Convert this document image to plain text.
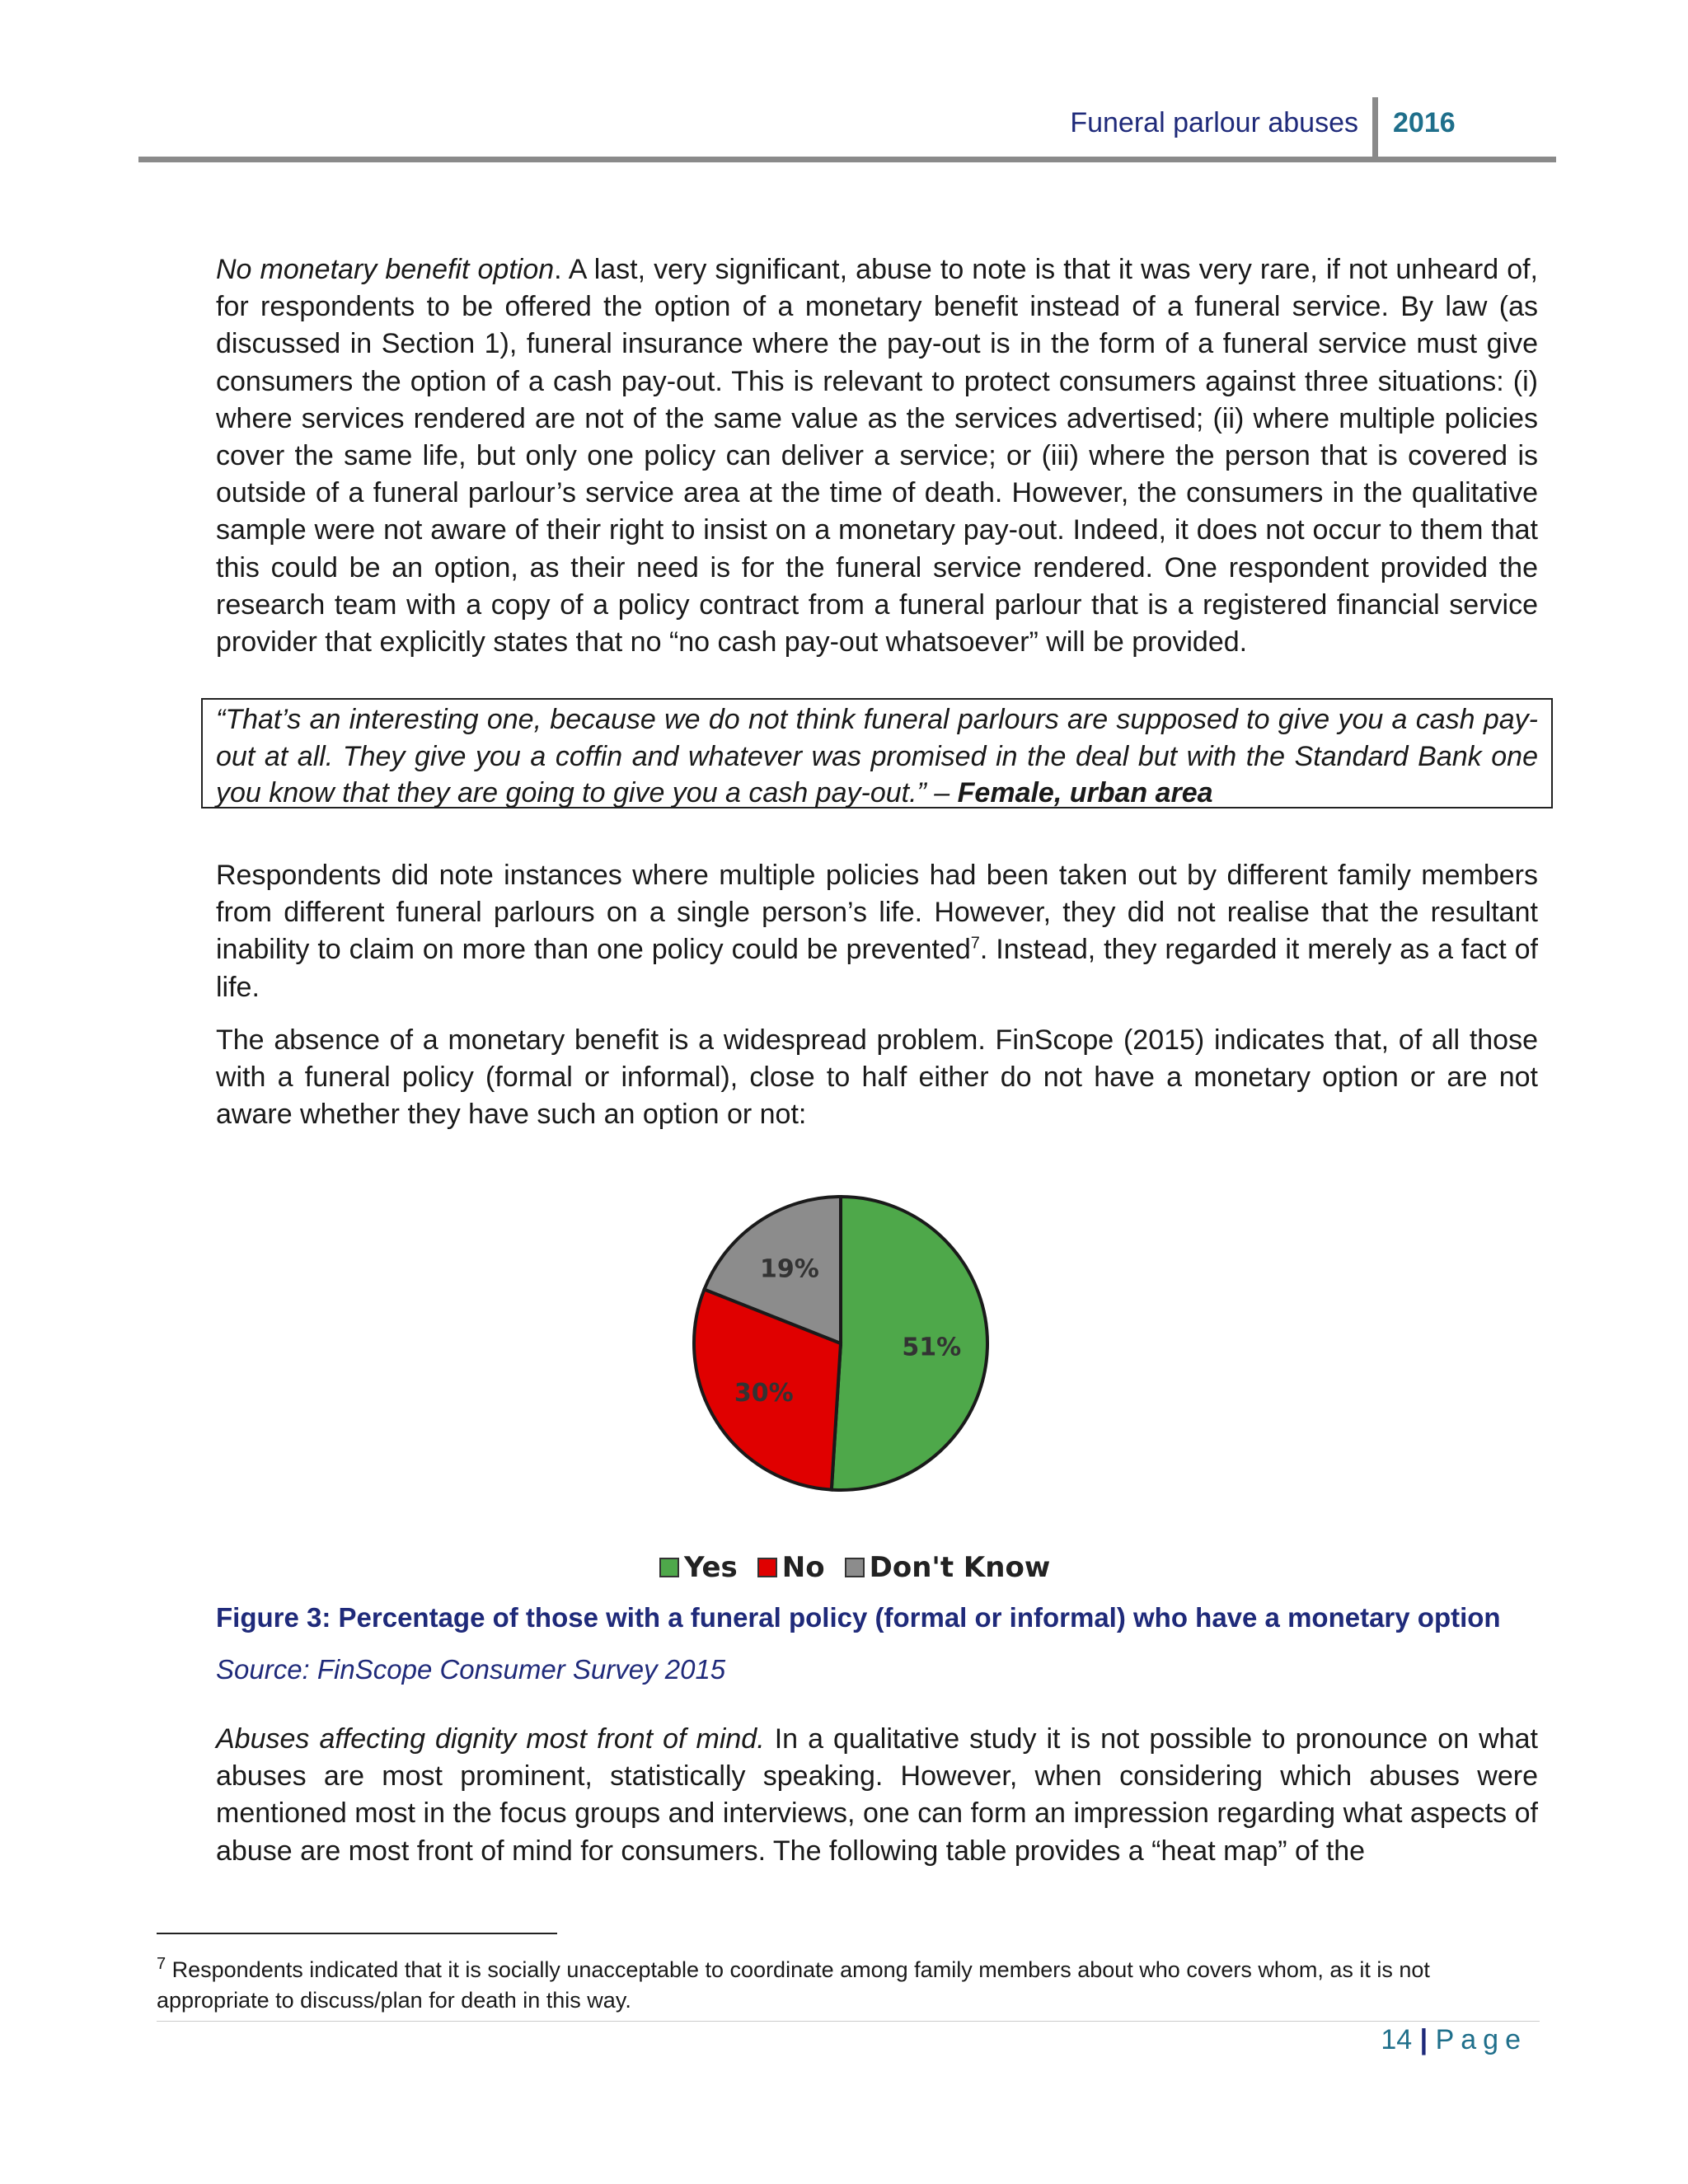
Funeral parlour abuses 2016

No monetary benefit option. A last, very significant, abuse to note is that it was very rare, if not unheard of, for respondents to be offered the option of a monetary benefit instead of a funeral service. By law (as discussed in Section 1), funeral insurance where the pay-out is in the form of a funeral service must give consumers the option of a cash pay-out. This is relevant to protect consumers against three situations: (i) where services rendered are not of the same value as the services advertised; (ii) where multiple policies cover the same life, but only one policy can deliver a service; or (iii) where the person that is covered is outside of a funeral parlour’s service area at the time of death. However, the consumers in the qualitative sample were not aware of their right to insist on a monetary pay-out. Indeed, it does not occur to them that this could be an option, as their need is for the funeral service rendered. One respondent provided the research team with a copy of a policy contract from a funeral parlour that is a registered financial service provider that explicitly states that no “no cash pay-out whatsoever” will be provided.

“That’s an interesting one, because we do not think funeral parlours are supposed to give you a cash pay-out at all. They give you a coffin and whatever was promised in the deal but with the Standard Bank one you know that they are going to give you a cash pay-out.” – Female, urban area

Respondents did note instances where multiple policies had been taken out by different family members from different funeral parlours on a single person’s life. However, they did not realise that the resultant inability to claim on more than one policy could be prevented$^7$. Instead, they regarded it merely as a fact of life.

The absence of a monetary benefit is a widespread problem. FinScope (2015) indicates that, of all those with a funeral policy (formal or informal), close to half either do not have a monetary option or are not aware whether they have such an option or not:

51%
30%
19%
Yes No Don't Know

Figure 3: Percentage of those with a funeral policy (formal or informal) who have a monetary option

Source: FinScope Consumer Survey 2015

Abuses affecting dignity most front of mind. In a qualitative study it is not possible to pronounce on what abuses are most prominent, statistically speaking. However, when considering which abuses were mentioned most in the focus groups and interviews, one can form an impression regarding what aspects of abuse are most front of mind for consumers. The following table provides a “heat map” of the

$^7$ Respondents indicated that it is socially unacceptable to coordinate among family members about who covers whom, as it is not appropriate to discuss/plan for death in this way.

14 | Page
